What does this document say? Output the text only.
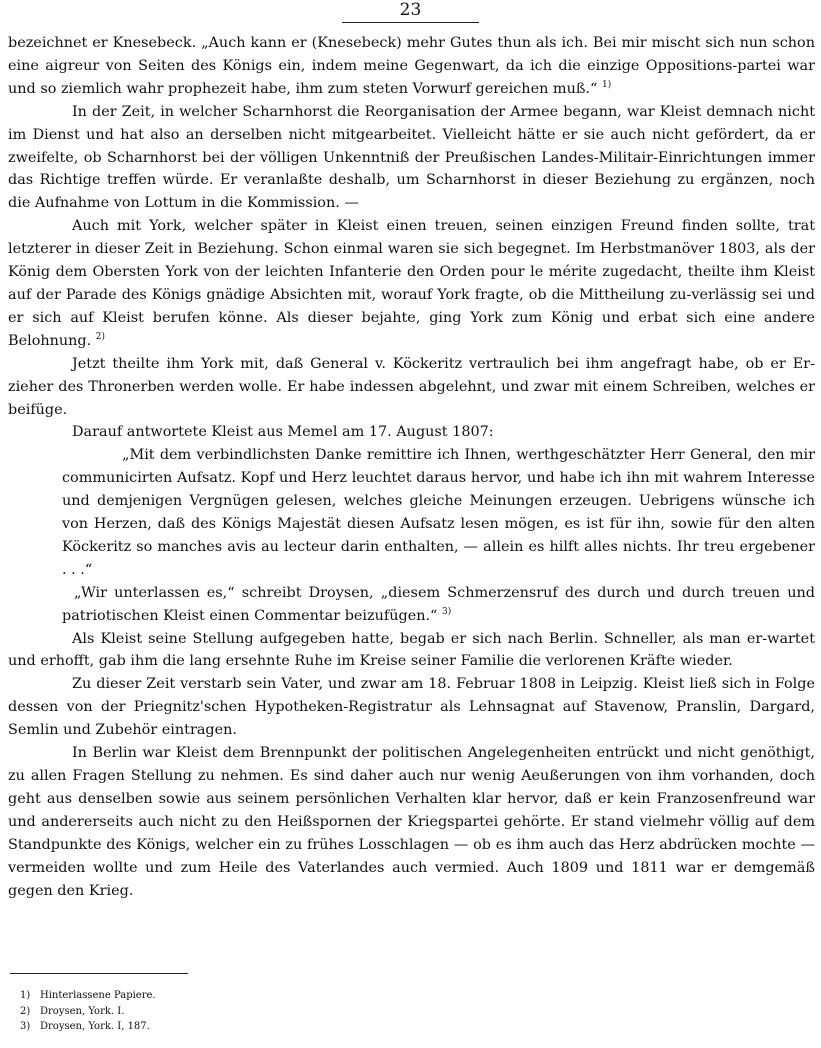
23

bezeichnet er Knesebeck. „Auch kann er (Knesebeck) mehr Gutes thun als ich. Bei mir mischt sich nun schon eine aigreur von Seiten des Königs ein, indem meine Gegenwart, da ich die einzige Oppositions-partei war und so ziemlich wahr prophezeit habe, ihm zum steten Vorwurf gereichen muß.“ $^{1)}$

In der Zeit, in welcher Scharnhorst die Reorganisation der Armee begann, war Kleist demnach nicht im Dienst und hat also an derselben nicht mitgearbeitet. Vielleicht hätte er sie auch nicht gefördert, da er zweifelte, ob Scharnhorst bei der völligen Unkenntniß der Preußischen Landes-Militair-Einrichtungen immer das Richtige treffen würde. Er veranlaßte deshalb, um Scharnhorst in dieser Beziehung zu ergänzen, noch die Aufnahme von Lottum in die Kommission. —

Auch mit York, welcher später in Kleist einen treuen, seinen einzigen Freund finden sollte, trat letzterer in dieser Zeit in Beziehung. Schon einmal waren sie sich begegnet. Im Herbstmanöver 1803, als der König dem Obersten York von der leichten Infanterie den Orden pour le mérite zugedacht, theilte ihm Kleist auf der Parade des Königs gnädige Absichten mit, worauf York fragte, ob die Mittheilung zu-verlässig sei und er sich auf Kleist berufen könne. Als dieser bejahte, ging York zum König und erbat sich eine andere Belohnung. $^{2)}$

Jetzt theilte ihm York mit, daß General v. Köckeritz vertraulich bei ihm angefragt habe, ob er Er-zieher des Thronerben werden wolle. Er habe indessen abgelehnt, und zwar mit einem Schreiben, welches er beifüge.

Darauf antwortete Kleist aus Memel am 17. August 1807:

„Mit dem verbindlichsten Danke remittire ich Ihnen, werthgeschätzter Herr General, den mir communicirten Aufsatz. Kopf und Herz leuchtet daraus hervor, und habe ich ihn mit wahrem Interesse und demjenigen Vergnügen gelesen, welches gleiche Meinungen erzeugen. Uebrigens wünsche ich von Herzen, daß des Königs Majestät diesen Aufsatz lesen mögen, es ist für ihn, sowie für den alten Köckeritz so manches avis au lecteur darin enthalten, — allein es hilft alles nichts. Ihr treu ergebener . . .“

„Wir unterlassen es,“ schreibt Droysen, „diesem Schmerzensruf des durch und durch treuen und patriotischen Kleist einen Commentar beizufügen.“ $^{3)}$

Als Kleist seine Stellung aufgegeben hatte, begab er sich nach Berlin. Schneller, als man er-wartet und erhofft, gab ihm die lang ersehnte Ruhe im Kreise seiner Familie die verlorenen Kräfte wieder.

Zu dieser Zeit verstarb sein Vater, und zwar am 18. Februar 1808 in Leipzig. Kleist ließ sich in Folge dessen von der Priegnitz'schen Hypotheken-Registratur als Lehnsagnat auf Stavenow, Pranslin, Dargard, Semlin und Zubehör eintragen.

In Berlin war Kleist dem Brennpunkt der politischen Angelegenheiten entrückt und nicht genöthigt, zu allen Fragen Stellung zu nehmen. Es sind daher auch nur wenig Aeußerungen von ihm vorhanden, doch geht aus denselben sowie aus seinem persönlichen Verhalten klar hervor, daß er kein Franzosenfreund war und andererseits auch nicht zu den Heißspornen der Kriegspartei gehörte. Er stand vielmehr völlig auf dem Standpunkte des Königs, welcher ein zu frühes Losschlagen — ob es ihm auch das Herz abdrücken mochte — vermeiden wollte und zum Heile des Vaterlandes auch vermied. Auch 1809 und 1811 war er demgemäß gegen den Krieg.

1) Hinterlassene Papiere.
2) Droysen, York. I.
3) Droysen, York. I, 187.
